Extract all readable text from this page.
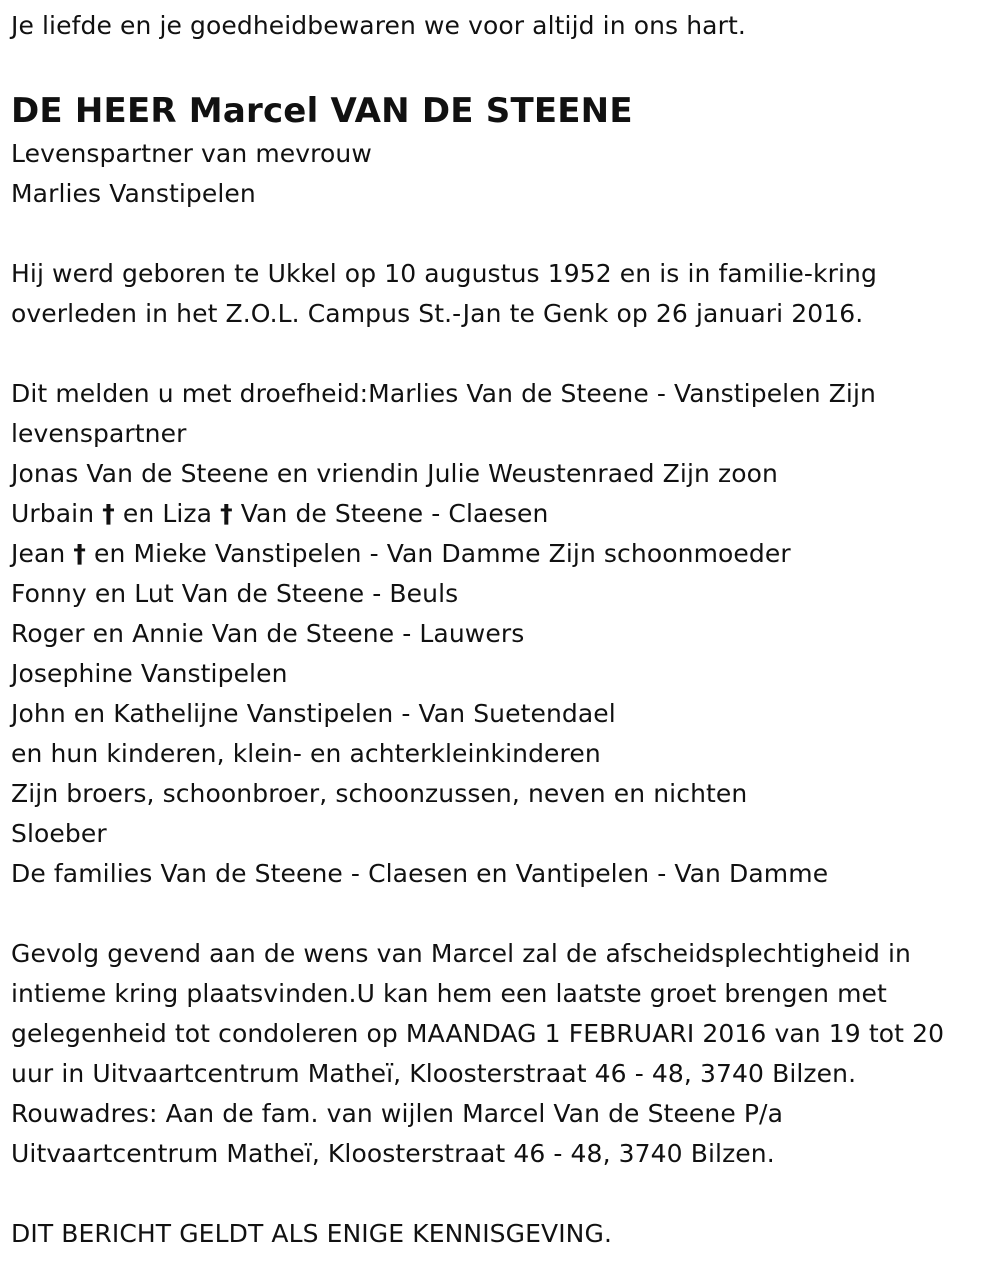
Je liefde en je goedheidbewaren we voor altijd in ons hart.
DE HEER Marcel VAN DE STEENE
Levenspartner van mevrouw
Marlies Vanstipelen
Hij werd geboren te Ukkel op 10 augustus 1952 en is in familie-kring
overleden in het Z.O.L. Campus St.-Jan te Genk op 26 januari 2016.
Dit melden u met droefheid:Marlies Van de Steene - Vanstipelen Zijn
levenspartner
Jonas Van de Steene en vriendin Julie Weustenraed Zijn zoon
Urbain † en Liza † Van de Steene - Claesen
Jean † en Mieke Vanstipelen - Van Damme Zijn schoonmoeder
Fonny en Lut Van de Steene - Beuls
Roger en Annie Van de Steene - Lauwers
Josephine Vanstipelen
John en Kathelijne Vanstipelen - Van Suetendael
en hun kinderen, klein- en achterkleinkinderen
Zijn broers, schoonbroer, schoonzussen, neven en nichten
Sloeber
De families Van de Steene - Claesen en Vantipelen - Van Damme
Gevolg gevend aan de wens van Marcel zal de afscheidsplechtigheid in
intieme kring plaatsvinden.U kan hem een laatste groet brengen met
gelegenheid tot condoleren op MAANDAG 1 FEBRUARI 2016 van 19 tot 20
uur in Uitvaartcentrum Matheï, Kloosterstraat 46 - 48, 3740 Bilzen.
Rouwadres: Aan de fam. van wijlen Marcel Van de Steene P/a
Uitvaartcentrum Matheï, Kloosterstraat 46 - 48, 3740 Bilzen.
DIT BERICHT GELDT ALS ENIGE KENNISGEVING.
